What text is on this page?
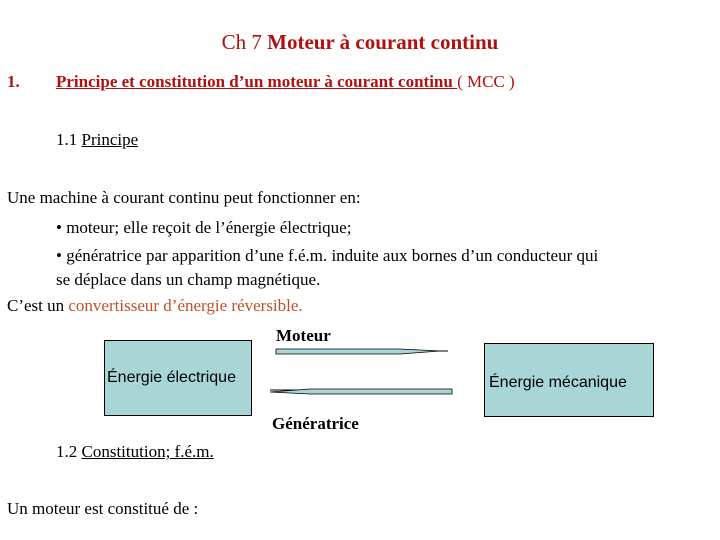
Ch 7 Moteur à courant continu
1. Principe et constitution d’un moteur à courant continu ( MCC )
1.1 Principe
Une machine à courant continu peut fonctionner en:
• moteur; elle reçoit de l’énergie électrique;
• génératrice par apparition d’une f.é.m. induite aux bornes d’un conducteur qui
se déplace dans un champ magnétique.
C’est un convertisseur d’énergie réversible.
Moteur
Énergie électrique	Énergie mécanique
Génératrice
1.2 Constitution; f.é.m.
Un moteur est constitué de :
